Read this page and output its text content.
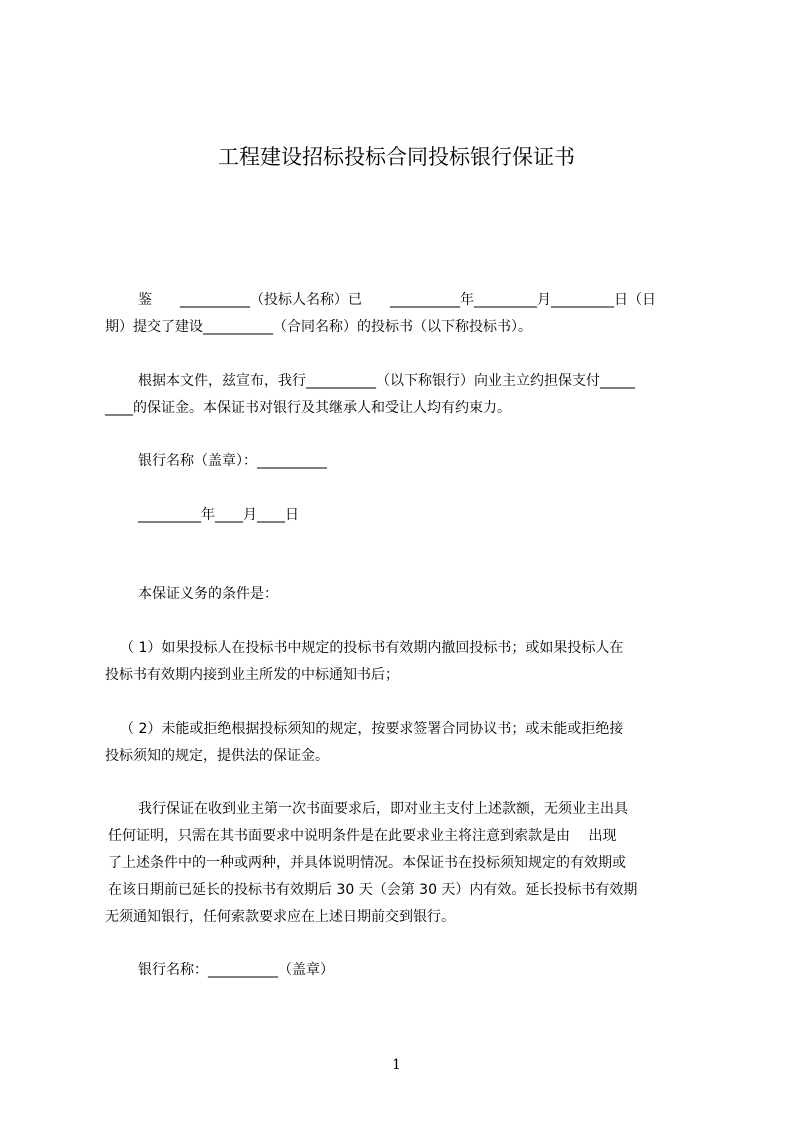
工程建设招标投标合同投标银行保证书
鉴　　__________（投标人名称）已　　__________年_________月_________日（日
期）提交了建设__________（合同名称）的投标书（以下称投标书）。
根据本文件，兹宣布，我行__________（以下称银行）向业主立约担保支付_____
____的保证金。本保证书对银行及其继承人和受让人均有约束力。
银行名称（盖章）：__________
_________年____月____日
本保证义务的条件是：
（ 1）如果投标人在投标书中规定的投标书有效期内撤回投标书；或如果投标人在
投标书有效期内接到业主所发的中标通知书后；
（ 2）未能或拒绝根据投标须知的规定，按要求签署合同协议书；或未能或拒绝接
投标须知的规定，提供法的保证金。
我行保证在收到业主第一次书面要求后，即对业主支付上述款额，无须业主出具
任何证明，只需在其书面要求中说明条件是在此要求业主将注意到索款是由　 出现
了上述条件中的一种或两种，并具体说明情况。本保证书在投标须知规定的有效期或
在该日期前已延长的投标书有效期后 30 天（会第 30 天）内有效。延长投标书有效期
无须通知银行，任何索款要求应在上述日期前交到银行。
银行名称：__________（盖章）
1
